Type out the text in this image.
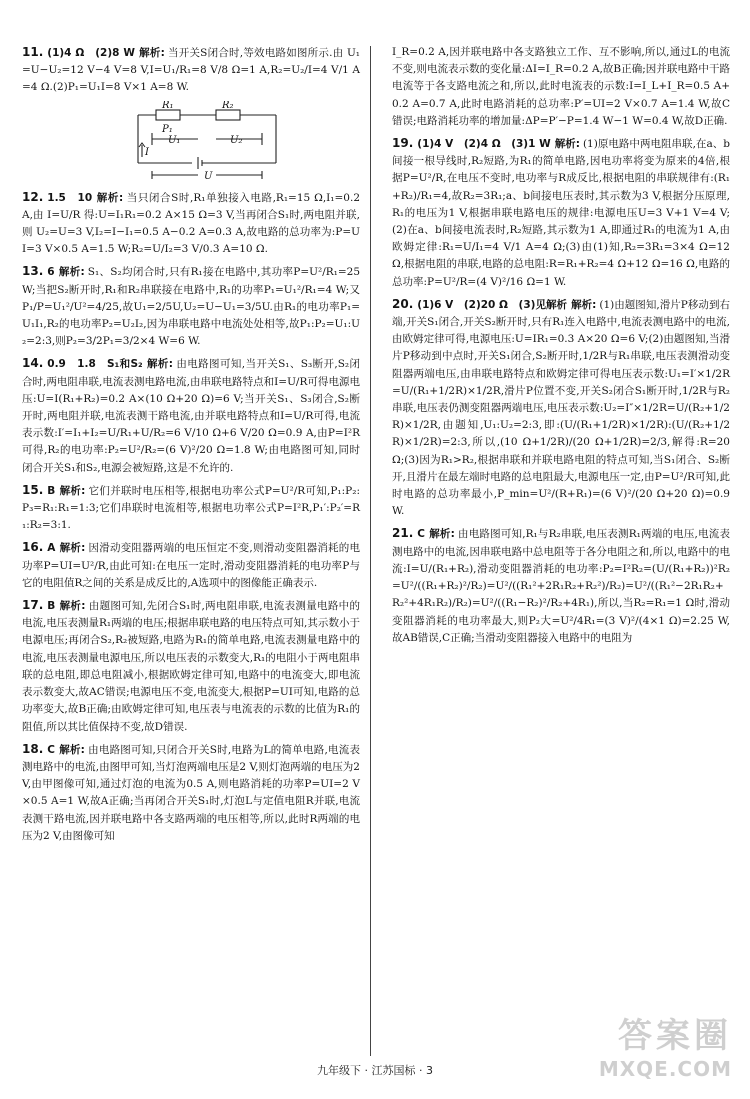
11. (1)4 Ω　(2)8 W 解析: 当开关S闭合时,等效电路如图所示.由 U₁=U−U₂=12 V−4 V=8 V,I=U₁/R₁=8 V/8 Ω=1 A,R₂=U₂/I=4 V/1 A=4 Ω.(2)P₁=U₁I=8 V×1 A=8 W.
R₁	R₂
P₁
U₁	U₂
I
U
12. 1.5　10 解析: 当只闭合S时,R₁单独接入电路,R₁=15 Ω,I₁=0.2 A,由 I=U/R 得:U=I₁R₁=0.2 A×15 Ω=3 V,当再闭合S₁时,两电阻并联,则 U₂=U=3 V,I₂=I−I₁=0.5 A−0.2 A=0.3 A,故电路的总功率为:P=UI=3 V×0.5 A=1.5 W;R₂=U/I₂=3 V/0.3 A=10 Ω.
13. 6 解析: S₁、S₂均闭合时,只有R₁接在电路中,其功率P=U²/R₁=25 W;当把S₂断开时,R₁和R₂串联接在电路中,R₁的功率P₁=U₁²/R₁=4 W;又P₁/P=U₁²/U²=4/25,故U₁=2/5U,U₂=U−U₁=3/5U.由R₁的电功率P₁=U₁I₁,R₂的电功率P₂=U₂I₂,因为串联电路中电流处处相等,故P₁:P₂=U₁:U₂=2:3,则P₂=3/2P₁=3/2×4 W=6 W.
14. 0.9　1.8　S₁和S₂ 解析: 由电路图可知,当开关S₁、S₃断开,S₂闭合时,两电阻串联,电流表测电路电流,由串联电路特点和I=U/R可得电源电压:U=I(R₁+R₂)=0.2 A×(10 Ω+20 Ω)=6 V;当开关S₁、S₃闭合,S₂断开时,两电阻并联,电流表测干路电流,由并联电路特点和I=U/R可得,电流表示数:I′=I₁+I₂=U/R₁+U/R₂=6 V/10 Ω+6 V/20 Ω=0.9 A,由P=I²R可得,R₂的电功率:P₂=U²/R₂=(6 V)²/20 Ω=1.8 W;由电路图可知,同时闭合开关S₁和S₂,电源会被短路,这是不允许的.
15. B 解析: 它们并联时电压相等,根据电功率公式P=U²/R可知,P₁:P₂:P₃=R₁:R₁=1:3;它们串联时电流相等,根据电功率公式P=I²R,P₁′:P₂′=R₁:R₂=3:1.
16. A 解析: 因滑动变阻器两端的电压恒定不变,则滑动变阻器消耗的电功率P=UI=U²/R,由此可知:在电压一定时,滑动变阻器消耗的电功率P与它的电阻值R之间的关系是成反比的,A选项中的图像能正确表示.
17. B 解析: 由题图可知,先闭合S₁时,两电阻串联,电流表测量电路中的电流,电压表测量R₁两端的电压;根据串联电路的电压特点可知,其示数小于电源电压;再闭合S₂,R₂被短路,电路为R₁的简单电路,电流表测量电路中的电流,电压表测量电源电压,所以电压表的示数变大,R₁的电阻小于两电阻串联的总电阻,即总电阻减小,根据欧姆定律可知,电路中的电流变大,即电流表示数变大,故AC错误;电源电压不变,电流变大,根据P=UI可知,电路的总功率变大,故B正确;由欧姆定律可知,电压表与电流表的示数的比值为R₁的阻值,所以其比值保持不变,故D错误.
18. C 解析: 由电路图可知,只闭合开关S时,电路为L的简单电路,电流表测电路中的电流,由图甲可知,当灯泡两端电压是2 V,则灯泡两端的电压为2 V,由甲图像可知,通过灯泡的电流为0.5 A,则电路消耗的功率P=UI=2 V×0.5 A=1 W,故A正确;当再闭合开关S₁时,灯泡L与定值电阻R并联,电流表测干路电流,因并联电路中各支路两端的电压相等,所以,此时R两端的电压为2 V,由图像可知
I_R=0.2 A,因并联电路中各支路独立工作、互不影响,所以,通过L的电流不变,则电流表示数的变化量:ΔI=I_R=0.2 A,故B正确;因并联电路中干路电流等于各支路电流之和,所以,此时电流表的示数:I=I_L+I_R=0.5 A+0.2 A=0.7 A,此时电路消耗的总功率:P′=UI=2 V×0.7 A=1.4 W,故C错误;电路消耗功率的增加量:ΔP=P′−P=1.4 W−1 W=0.4 W,故D正确.
19. (1)4 V　(2)4 Ω　(3)1 W 解析: (1)原电路中两电阻串联,在a、b间接一根导线时,R₂短路,为R₁的简单电路,因电功率将变为原来的4倍,根据P=U²/R,在电压不变时,电功率与R成反比,根据电阻的串联规律有:(R₁+R₂)/R₁=4,故R₂=3R₁;a、b间接电压表时,其示数为3 V,根据分压原理,R₁的电压为1 V,根据串联电路电压的规律:电源电压U=3 V+1 V=4 V;(2)在a、b间接电流表时,R₂短路,其示数为1 A,即通过R₁的电流为1 A,由欧姆定律:R₁=U/I₁=4 V/1 A=4 Ω;(3)由(1)知,R₂=3R₁=3×4 Ω=12 Ω,根据电阻的串联,电路的总电阻:R=R₁+R₂=4 Ω+12 Ω=16 Ω,电路的总功率:P=U²/R=(4 V)²/16 Ω=1 W.
20. (1)6 V　(2)20 Ω　(3)见解析 解析: (1)由题图知,滑片P移动到右端,开关S₁闭合,开关S₂断开时,只有R₁连入电路中,电流表测电路中的电流,由欧姆定律可得,电源电压:U=IR₁=0.3 A×20 Ω=6 V;(2)由题图知,当滑片P移动到中点时,开关S₁闭合,S₂断开时,1/2R与R₁串联,电压表测滑动变阻器两端电压,由串联电路特点和欧姆定律可得电压表示数:U₁=I′×1/2R=U/(R₁+1/2R)×1/2R,滑片P位置不变,开关S₂闭合S₁断开时,1/2R与R₂串联,电压表仍测变阻器两端电压,电压表示数:U₂=I″×1/2R=U/(R₂+1/2R)×1/2R,由题知,U₁:U₂=2:3,即:(U/(R₁+1/2R)×1/2R):(U/(R₂+1/2R)×1/2R)=2:3,所以,(10 Ω+1/2R)/(20 Ω+1/2R)=2/3,解得:R=20 Ω;(3)因为R₁>R₂,根据串联和并联电路电阻的特点可知,当S₁闭合、S₂断开,且滑片在最左端时电路的总电阻最大,电源电压一定,由P=U²/R可知,此时电路的总功率最小,P_min=U²/(R+R₁)=(6 V)²/(20 Ω+20 Ω)=0.9 W.
21. C 解析: 由电路图可知,R₁与R₂串联,电压表测R₁两端的电压,电流表测电路中的电流,因串联电路中总电阻等于各分电阻之和,所以,电路中的电流:I=U/(R₁+R₂),滑动变阻器消耗的电功率:P₂=I²R₂=(U/(R₁+R₂))²R₂=U²/((R₁+R₂)²/R₂)=U²/((R₁²+2R₁R₂+R₂²)/R₂)=U²/((R₁²−2R₁R₂+R₂²+4R₁R₂)/R₂)=U²/((R₁−R₂)²/R₂+4R₁),所以,当R₂=R₁=1 Ω时,滑动变阻器消耗的电功率最大,则P₂大=U²/4R₁=(3 V)²/(4×1 Ω)=2.25 W,故AB错误,C正确;当滑动变阻器接入电路中的电阻为
九年级下 · 江苏国标 · 3
答案圈
MXQE.COM
